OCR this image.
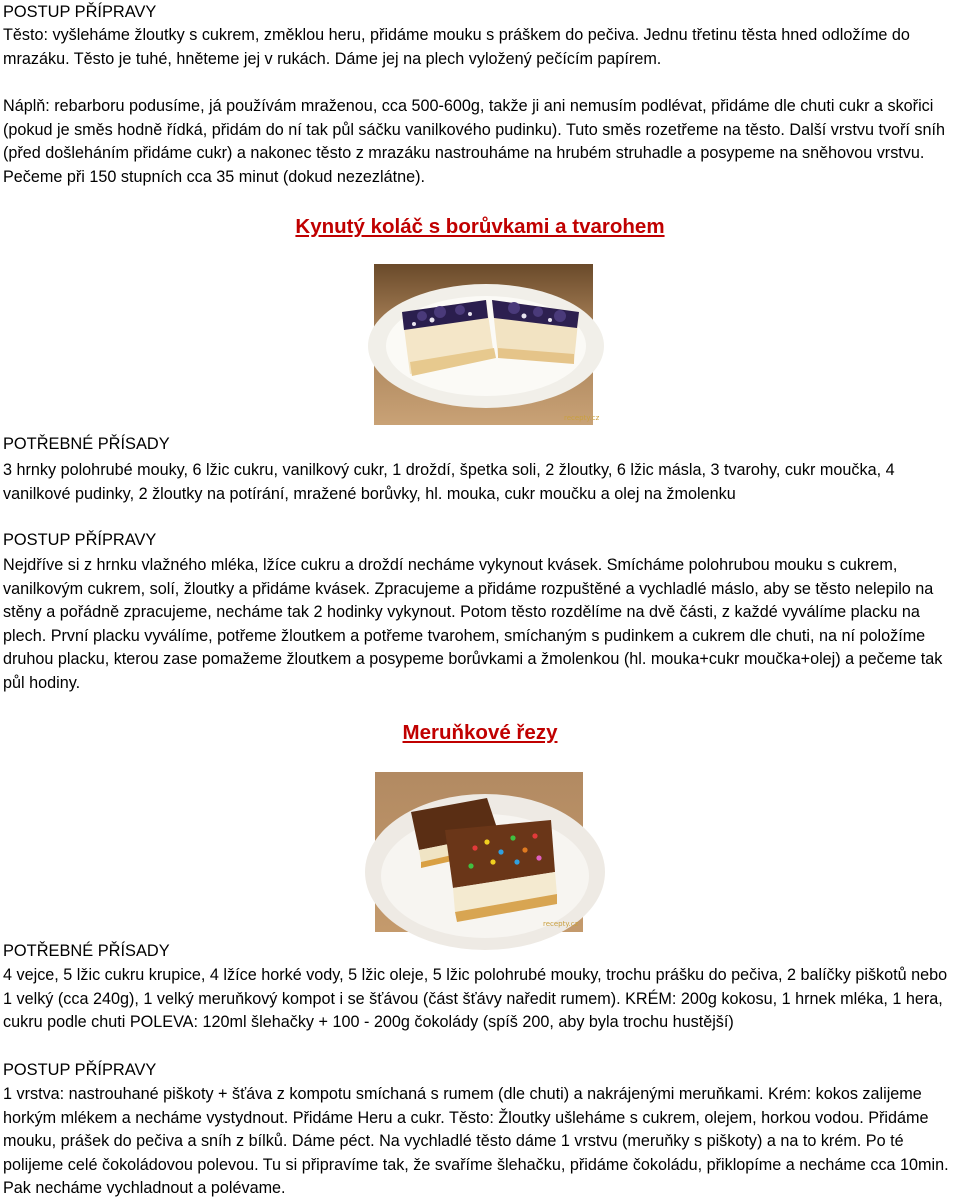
POSTUP PŘÍPRAVY

Těsto: vyšleháme žloutky s cukrem, změklou heru, přidáme mouku s práškem do pečiva. Jednu třetinu těsta hned odložíme do mrazáku. Těsto je tuhé, hněteme jej v rukách. Dáme jej na plech vyložený pečícím papírem.

Náplň: rebarboru podusíme, já používám mraženou, cca 500-600g, takže ji ani nemusím podlévat, přidáme dle chuti cukr a skořici (pokud je směs hodně řídká, přidám do ní tak půl sáčku vanilkového pudinku). Tuto směs rozetřeme na těsto. Další vrstvu tvoří sníh (před došleháním přidáme cukr) a nakonec těsto z mrazáku nastrouháme na hrubém struhadle a posypeme na sněhovou vrstvu. Pečeme při 150 stupních cca 35 minut (dokud nezezlátne).

Kynutý koláč s borůvkami a tvarohem
recepty.cz
POTŘEBNÉ PŘÍSADY

3 hrnky polohrubé mouky, 6 lžic cukru, vanilkový cukr, 1 droždí, špetka soli, 2 žloutky, 6 lžic másla, 3 tvarohy, cukr moučka, 4 vanilkové pudinky, 2 žloutky na potírání, mražené borůvky, hl. mouka, cukr moučku a olej na žmolenku

POSTUP PŘÍPRAVY

Nejdříve si z hrnku vlažného mléka, lžíce cukru a droždí necháme vykynout kvásek. Smícháme polohrubou mouku s cukrem, vanilkovým cukrem, solí, žloutky a přidáme kvásek. Zpracujeme a přidáme rozpuštěné a vychladlé máslo, aby se těsto nelepilo na stěny a pořádně zpracujeme, necháme tak 2 hodinky vykynout. Potom těsto rozdělíme na dvě části, z každé vyválíme placku na plech. První placku vyválíme, potřeme žloutkem a potřeme tvarohem, smíchaným s pudinkem a cukrem dle chuti, na ní položíme druhou placku, kterou zase pomažeme žloutkem a posypeme borůvkami a žmolenkou (hl. mouka+cukr moučka+olej) a pečeme tak půl hodiny.

Meruňkové řezy
recepty.cz
POTŘEBNÉ PŘÍSADY

4 vejce, 5 lžic cukru krupice, 4 lžíce horké vody, 5 lžic oleje, 5 lžic polohrubé mouky, trochu prášku do pečiva, 2 balíčky piškotů nebo 1 velký (cca 240g), 1 velký meruňkový kompot i se šťávou (část šťávy naředit rumem). KRÉM: 200g kokosu, 1 hrnek mléka, 1 hera, cukru podle chuti POLEVA: 120ml šlehačky + 100 - 200g čokolády (spíš 200, aby byla trochu hustější)

POSTUP PŘÍPRAVY

1 vrstva: nastrouhané piškoty + šťáva z kompotu smíchaná s rumem (dle chuti) a nakrájenými meruňkami. Krém: kokos zalijeme horkým mlékem a necháme vystydnout. Přidáme Heru a cukr. Těsto: Žloutky ušleháme s cukrem, olejem, horkou vodou. Přidáme mouku, prášek do pečiva a sníh z bílků. Dáme péct. Na vychladlé těsto dáme 1 vrstvu (meruňky s piškoty) a na to krém. Po té polijeme celé čokoládovou polevou. Tu si připravíme tak, že svaříme šlehačku, přidáme čokoládu, přiklopíme a necháme cca 10min. Pak necháme vychladnout a polévame.
